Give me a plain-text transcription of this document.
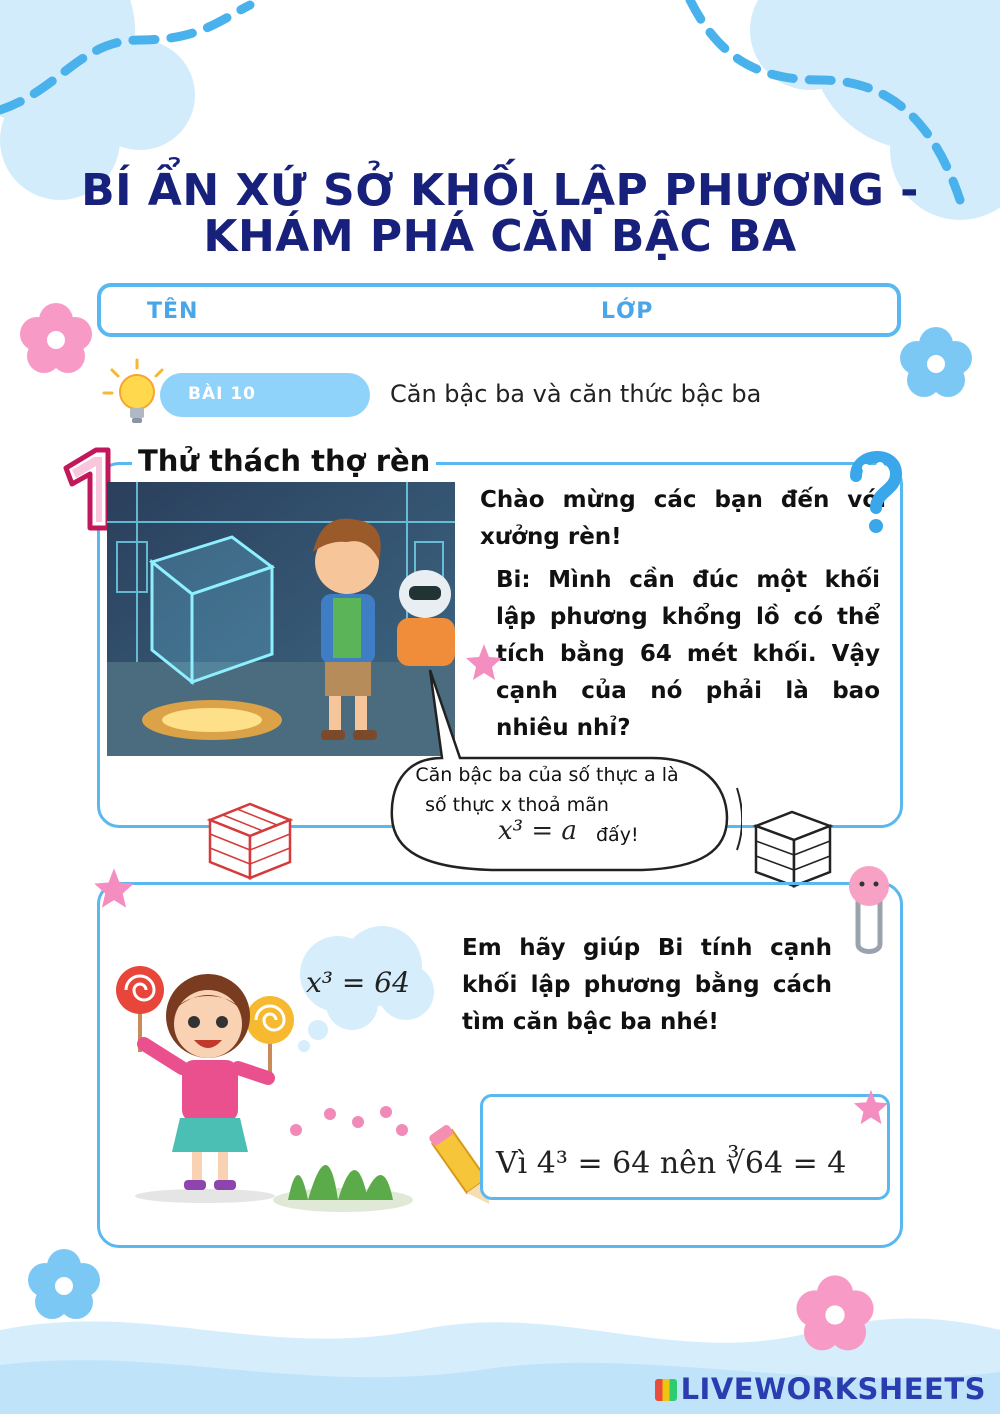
BÍ ẨN XỨ SỞ KHỐI LẬP PHƯƠNG -
KHÁM PHÁ CĂN BẬC BA
TÊN	LỚP
BÀI 10	Căn bậc ba và căn thức bậc ba
Thử thách thợ rèn
Chào mừng các bạn đến với xưởng rèn!
Bi: Mình cần đúc một khối lập phương khổng lồ có thể tích bằng 64 mét khối. Vậy cạnh của nó phải là bao nhiêu nhỉ?
Căn bậc ba của số thực a là
số thực x thoả mãn
x³ = a đấy!
x³ = 64
Em hãy giúp Bi tính cạnh khối lập phương bằng cách tìm căn bậc ba nhé!
Vì 4³ = 64 nên ∛64 = 4
LIVEWORKSHEETS
